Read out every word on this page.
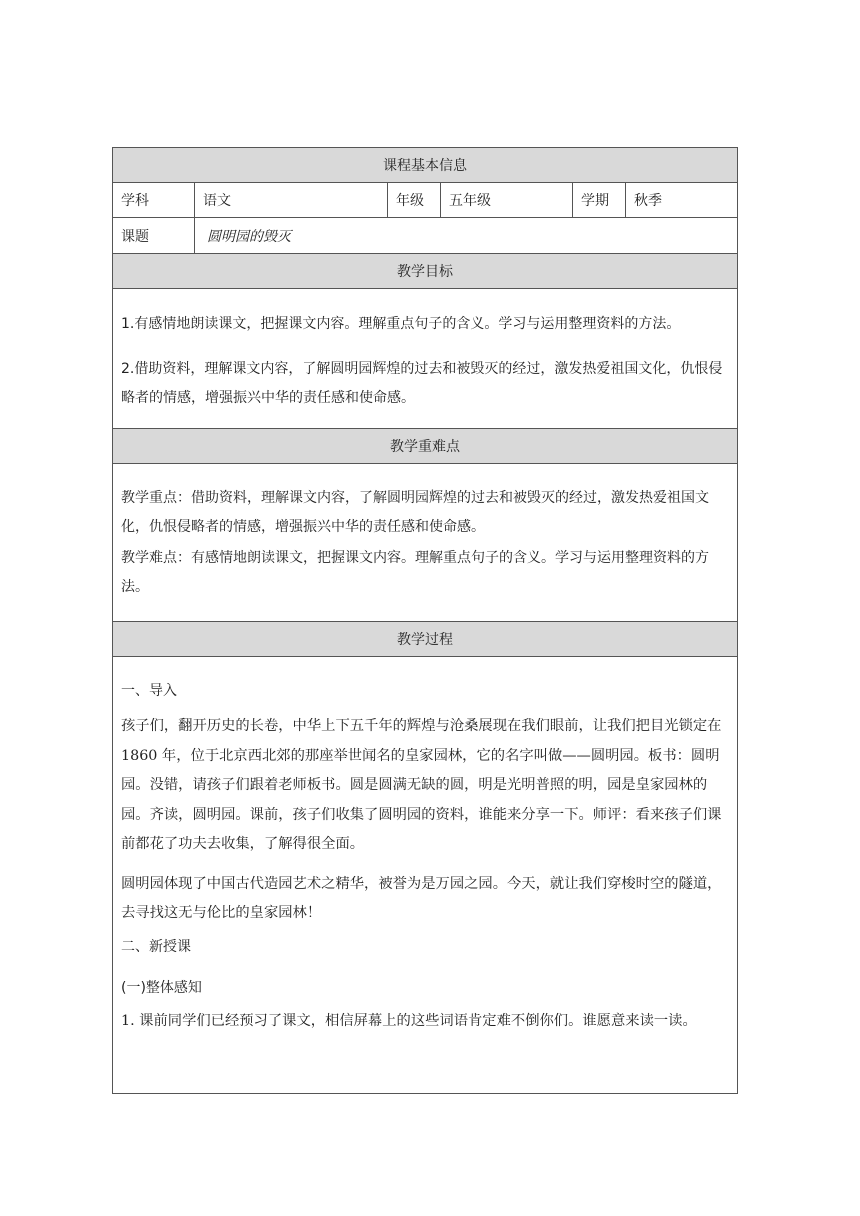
课程基本信息
学科	语文	年级	五年级	学期	秋季
课题	圆明园的毁灭
教学目标

1.有感情地朗读课文，把握课文内容。理解重点句子的含义。学习与运用整理资料的方法。

2.借助资料，理解课文内容，了解圆明园辉煌的过去和被毁灭的经过，激发热爱祖国文化，仇恨侵略者的情感，增强振兴中华的责任感和使命感。

教学重难点

教学重点：借助资料，理解课文内容，了解圆明园辉煌的过去和被毁灭的经过，激发热爱祖国文化，仇恨侵略者的情感，增强振兴中华的责任感和使命感。

教学难点：有感情地朗读课文，把握课文内容。理解重点句子的含义。学习与运用整理资料的方法。

教学过程

一、导入

孩子们，翻开历史的长卷，中华上下五千年的辉煌与沧桑展现在我们眼前，让我们把目光锁定在 1860 年，位于北京西北郊的那座举世闻名的皇家园林，它的名字叫做——圆明园。板书：圆明园。没错，请孩子们跟着老师板书。圆是圆满无缺的圆，明是光明普照的明，园是皇家园林的园。齐读，圆明园。课前，孩子们收集了圆明园的资料，谁能来分享一下。师评：看来孩子们课前都花了功夫去收集，了解得很全面。

圆明园体现了中国古代造园艺术之精华，被誉为是万园之园。今天，就让我们穿梭时空的隧道，去寻找这无与伦比的皇家园林！

二、新授课

(一)整体感知

1. 课前同学们已经预习了课文，相信屏幕上的这些词语肯定难不倒你们。谁愿意来读一读。
